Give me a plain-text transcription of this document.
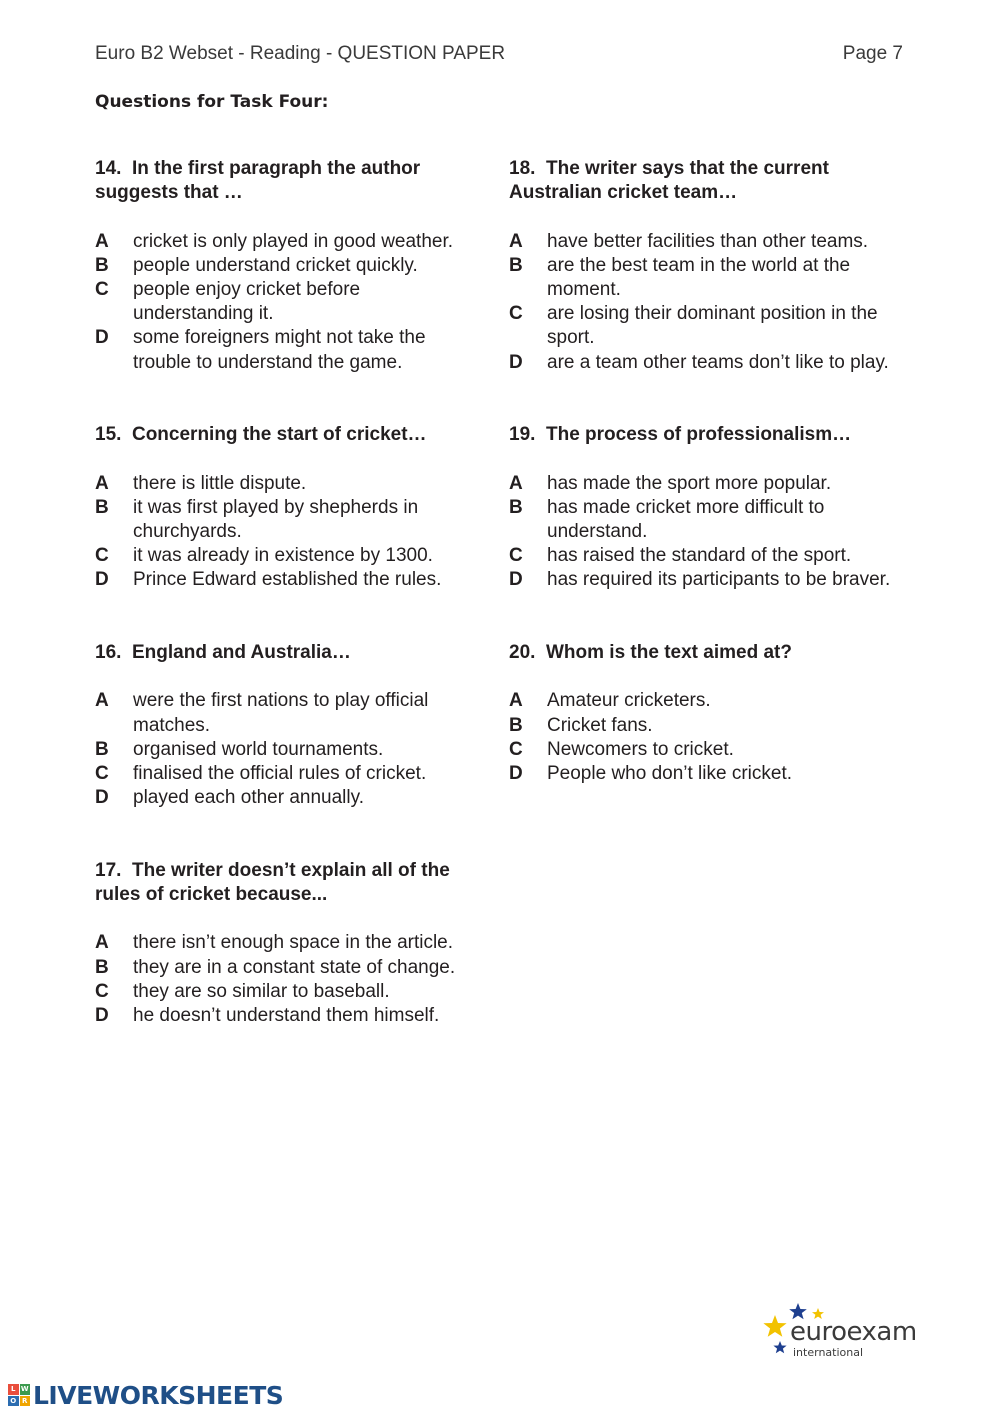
Euro B2 Webset - Reading - QUESTION PAPER	Page 7
Questions for Task Four:
14. In the first paragraph the author suggests that …
A	cricket is only played in good weather.
B	people understand cricket quickly.
C	people enjoy cricket before understanding it.
D	some foreigners might not take the trouble to understand the game.
15. Concerning the start of cricket…
A	there is little dispute.
B	it was first played by shepherds in churchyards.
C	it was already in existence by 1300.
D	Prince Edward established the rules.
16. England and Australia…
A	were the first nations to play official matches.
B	organised world tournaments.
C	finalised the official rules of cricket.
D	played each other annually.
17. The writer doesn’t explain all of the rules of cricket because...
A	there isn’t enough space in the article.
B	they are in a constant state of change.
C	they are so similar to baseball.
D	he doesn’t understand them himself.
18. The writer says that the current Australian cricket team…
A	have better facilities than other teams.
B	are the best team in the world at the moment.
C	are losing their dominant position in the sport.
D	are a team other teams don’t like to play.
19. The process of professionalism…
A	has made the sport more popular.
B	has made cricket more difficult to understand.
C	has raised the standard of the sport.
D	has required its participants to be braver.
20. Whom is the text aimed at?
A	Amateur cricketers.
B	Cricket fans.
C	Newcomers to cricket.
D	People who don’t like cricket.
euroexam
international
L W
O R LIVEWORKSHEETS
